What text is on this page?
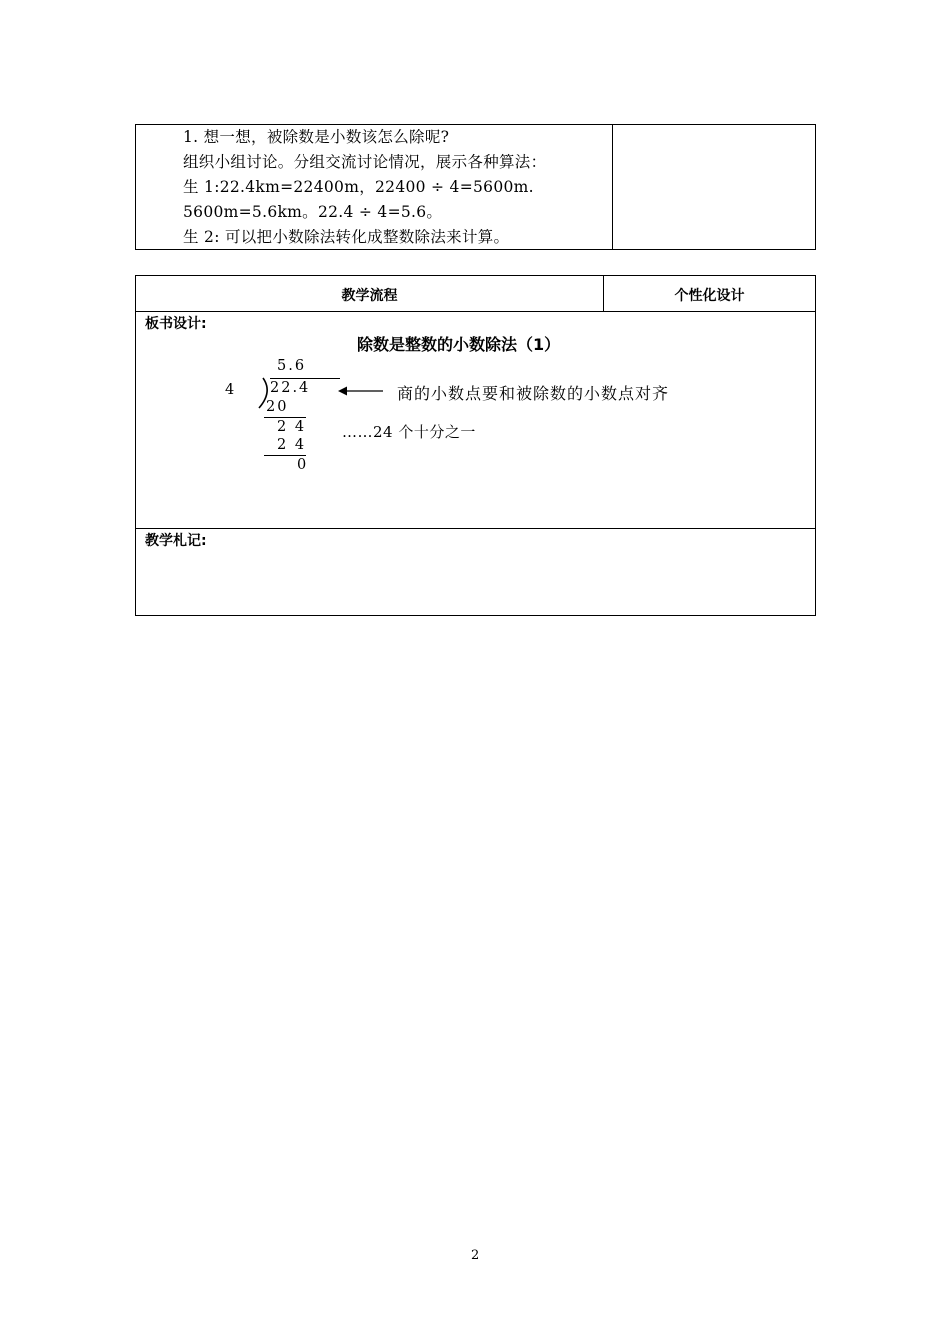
1. 想一想，被除数是小数该怎么除呢?
组织小组讨论。分组交流讨论情况，展示各种算法：
生 1:22.4km=22400m，22400 ÷ 4=5600m.
5600m=5.6km。22.4 ÷ 4=5.6。
生 2: 可以把小数除法转化成整数除法来计算。
教学流程	个性化设计
板书设计:
除数是整数的小数除法（1）
5.6
4 22.4
20
2 4
2 4
0
商的小数点要和被除数的小数点对齐
……24 个十分之一
教学札记:
2
